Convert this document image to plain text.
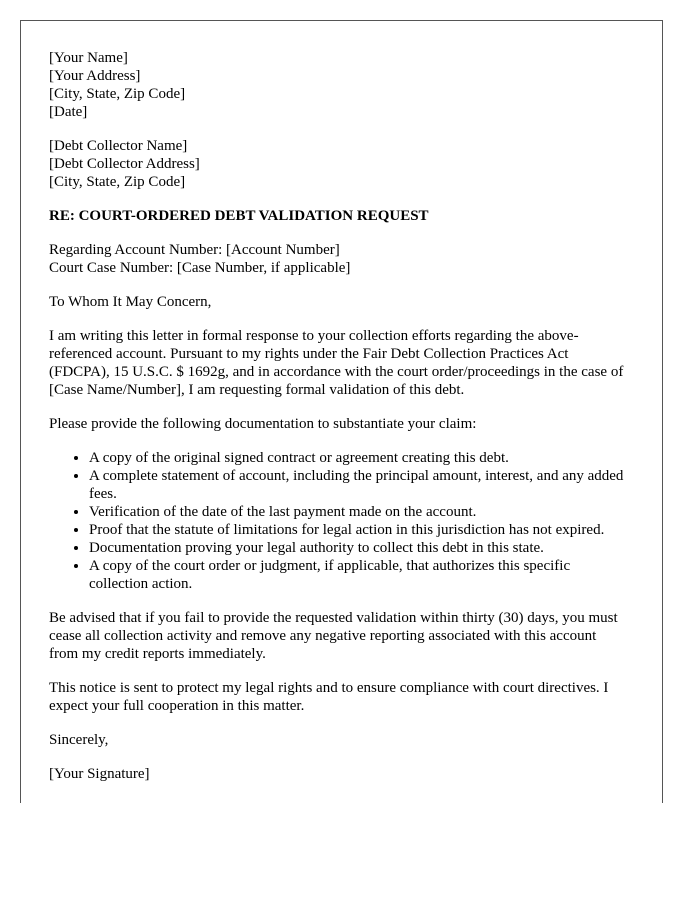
[Your Name]
[Your Address]
[City, State, Zip Code]
[Date]
[Debt Collector Name]
[Debt Collector Address]
[City, State, Zip Code]
RE: COURT-ORDERED DEBT VALIDATION REQUEST
Regarding Account Number: [Account Number]
Court Case Number: [Case Number, if applicable]

To Whom It May Concern,

I am writing this letter in formal response to your collection efforts regarding the above-referenced account. Pursuant to my rights under the Fair Debt Collection Practices Act (FDCPA), 15 U.S.C. $ 1692g, and in accordance with the court order/proceedings in the case of [Case Name/Number], I am requesting formal validation of this debt.

Please provide the following documentation to substantiate your claim:

• A copy of the original signed contract or agreement creating this debt.
• A complete statement of account, including the principal amount, interest, and any added fees.
• Verification of the date of the last payment made on the account.
• Proof that the statute of limitations for legal action in this jurisdiction has not expired.
• Documentation proving your legal authority to collect this debt in this state.
• A copy of the court order or judgment, if applicable, that authorizes this specific collection action.

Be advised that if you fail to provide the requested validation within thirty (30) days, you must cease all collection activity and remove any negative reporting associated with this account from my credit reports immediately.

This notice is sent to protect my legal rights and to ensure compliance with court directives. I expect your full cooperation in this matter.

Sincerely,

[Your Signature]
